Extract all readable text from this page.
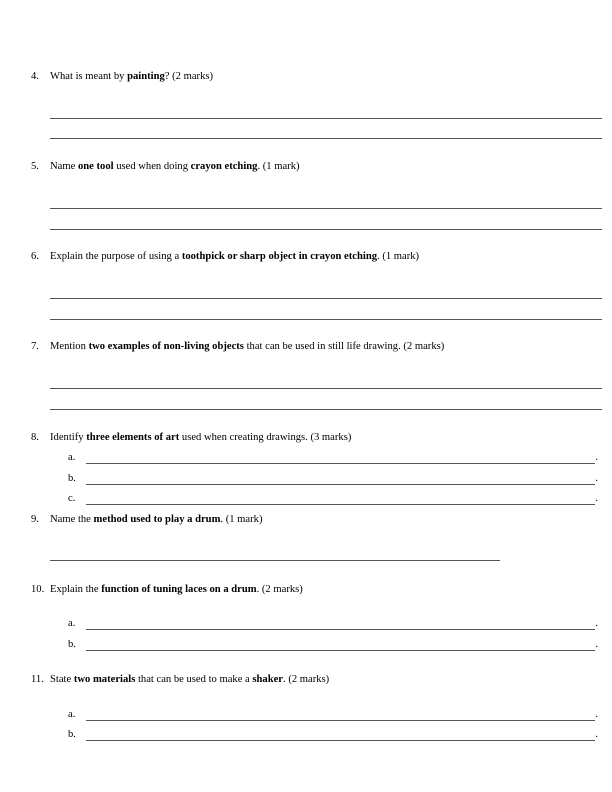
4. What is meant by painting? (2 marks)
5. Name one tool used when doing crayon etching. (1 mark)
6. Explain the purpose of using a toothpick or sharp object in crayon etching. (1 mark)
7. Mention two examples of non-living objects that can be used in still life drawing. (2 marks)
8. Identify three elements of art used when creating drawings. (3 marks)
a.	.
b.	.
c.	.
9. Name the method used to play a drum. (1 mark)
10. Explain the function of tuning laces on a drum. (2 marks)
a.	.
b.	.
11. State two materials that can be used to make a shaker. (2 marks)
a.	.
b.	.
